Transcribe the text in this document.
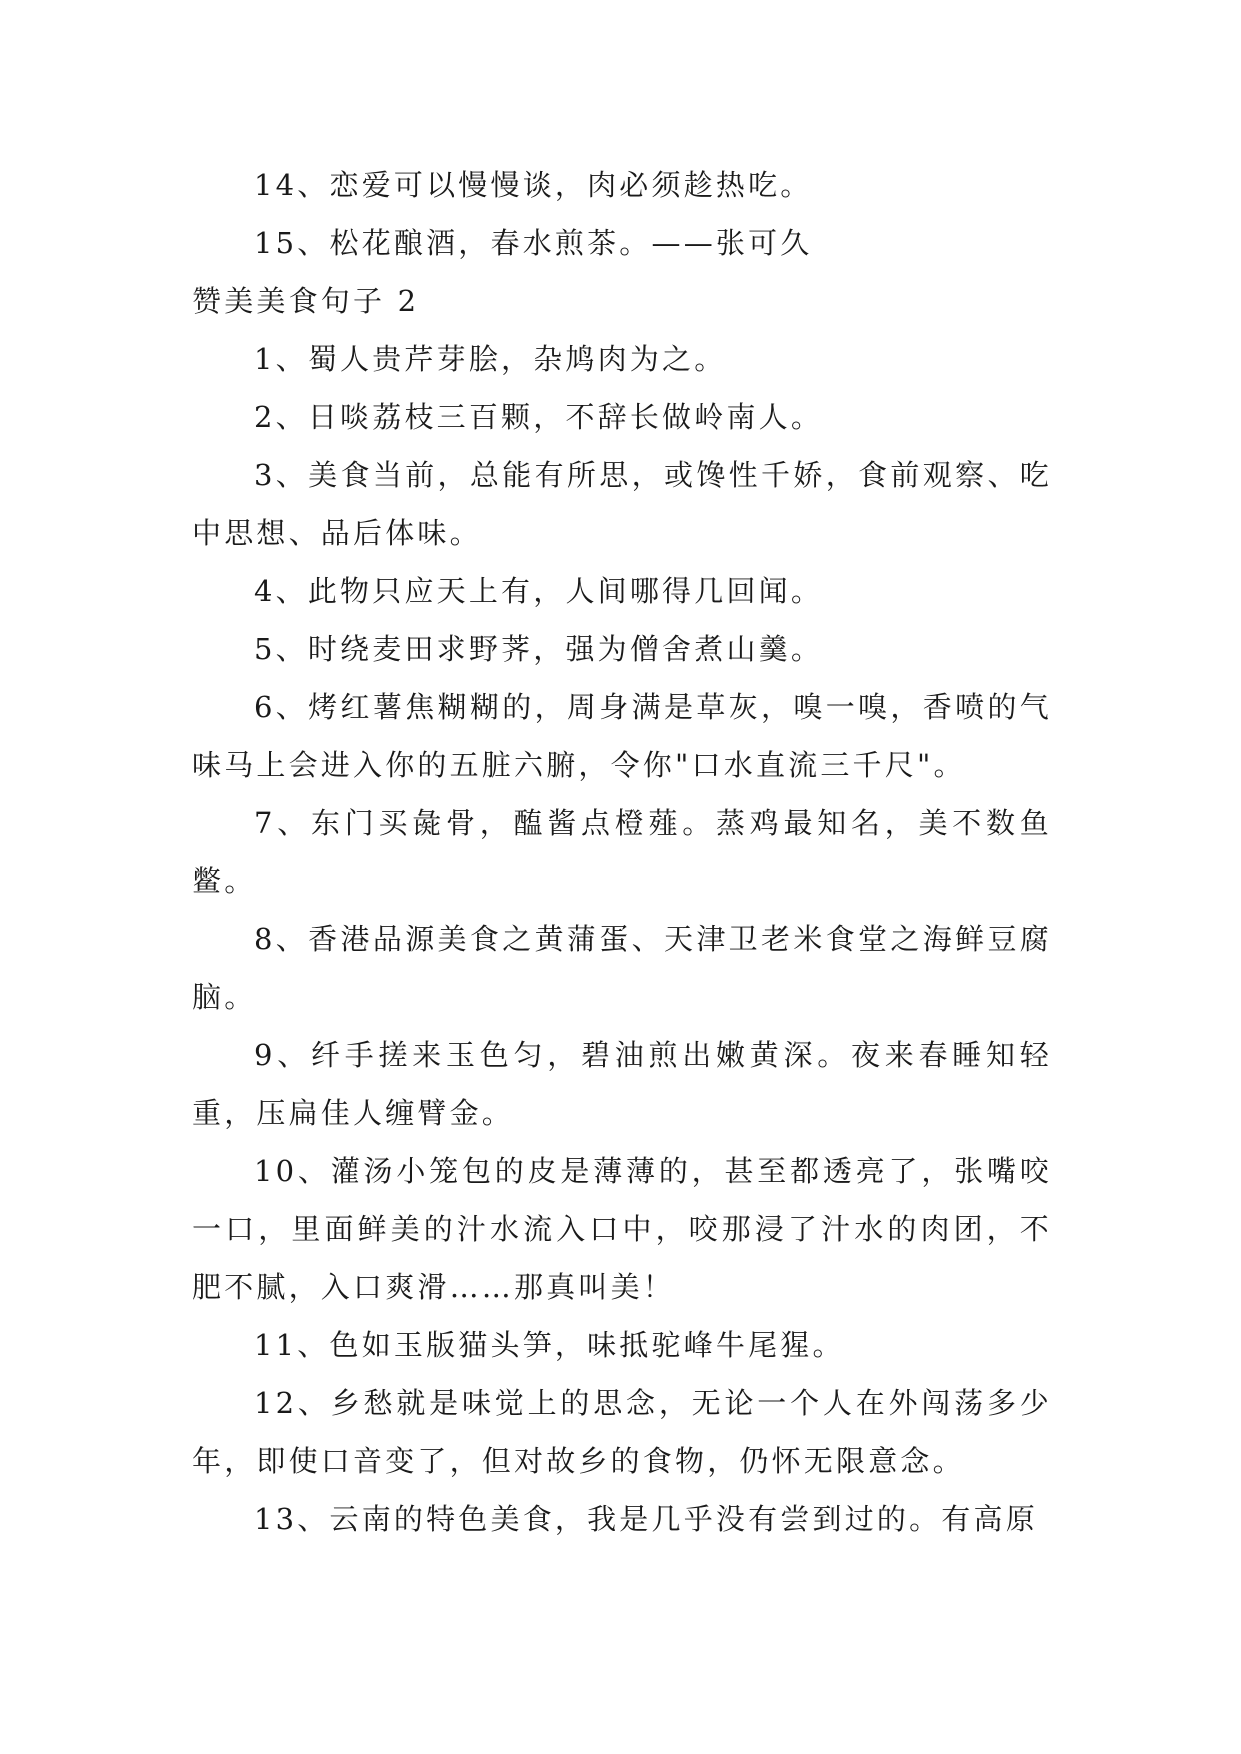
14、恋爱可以慢慢谈，肉必须趁热吃。

15、松花酿酒，春水煎茶。——张可久

赞美美食句子 2

1、蜀人贵芹芽脍，杂鸠肉为之。

2、日啖荔枝三百颗，不辞长做岭南人。

3、美食当前，总能有所思，或馋性千娇，食前观察、吃中思想、品后体味。

4、此物只应天上有，人间哪得几回闻。

5、时绕麦田求野荠，强为僧舍煮山羹。

6、烤红薯焦糊糊的，周身满是草灰，嗅一嗅，香喷的气味马上会进入你的五脏六腑，令你"口水直流三千尺"。

7、东门买彘骨，醢酱点橙薤。蒸鸡最知名，美不数鱼鳖。

8、香港品源美食之黄蒲蛋、天津卫老米食堂之海鲜豆腐脑。

9、纤手搓来玉色匀，碧油煎出嫩黄深。夜来春睡知轻重，压扁佳人缠臂金。

10、灌汤小笼包的皮是薄薄的，甚至都透亮了，张嘴咬一口，里面鲜美的汁水流入口中，咬那浸了汁水的肉团，不肥不腻，入口爽滑……那真叫美！

11、色如玉版猫头笋，味抵驼峰牛尾猩。

12、乡愁就是味觉上的思念，无论一个人在外闯荡多少年，即使口音变了，但对故乡的食物，仍怀无限意念。

13、云南的特色美食，我是几乎没有尝到过的。有高原
